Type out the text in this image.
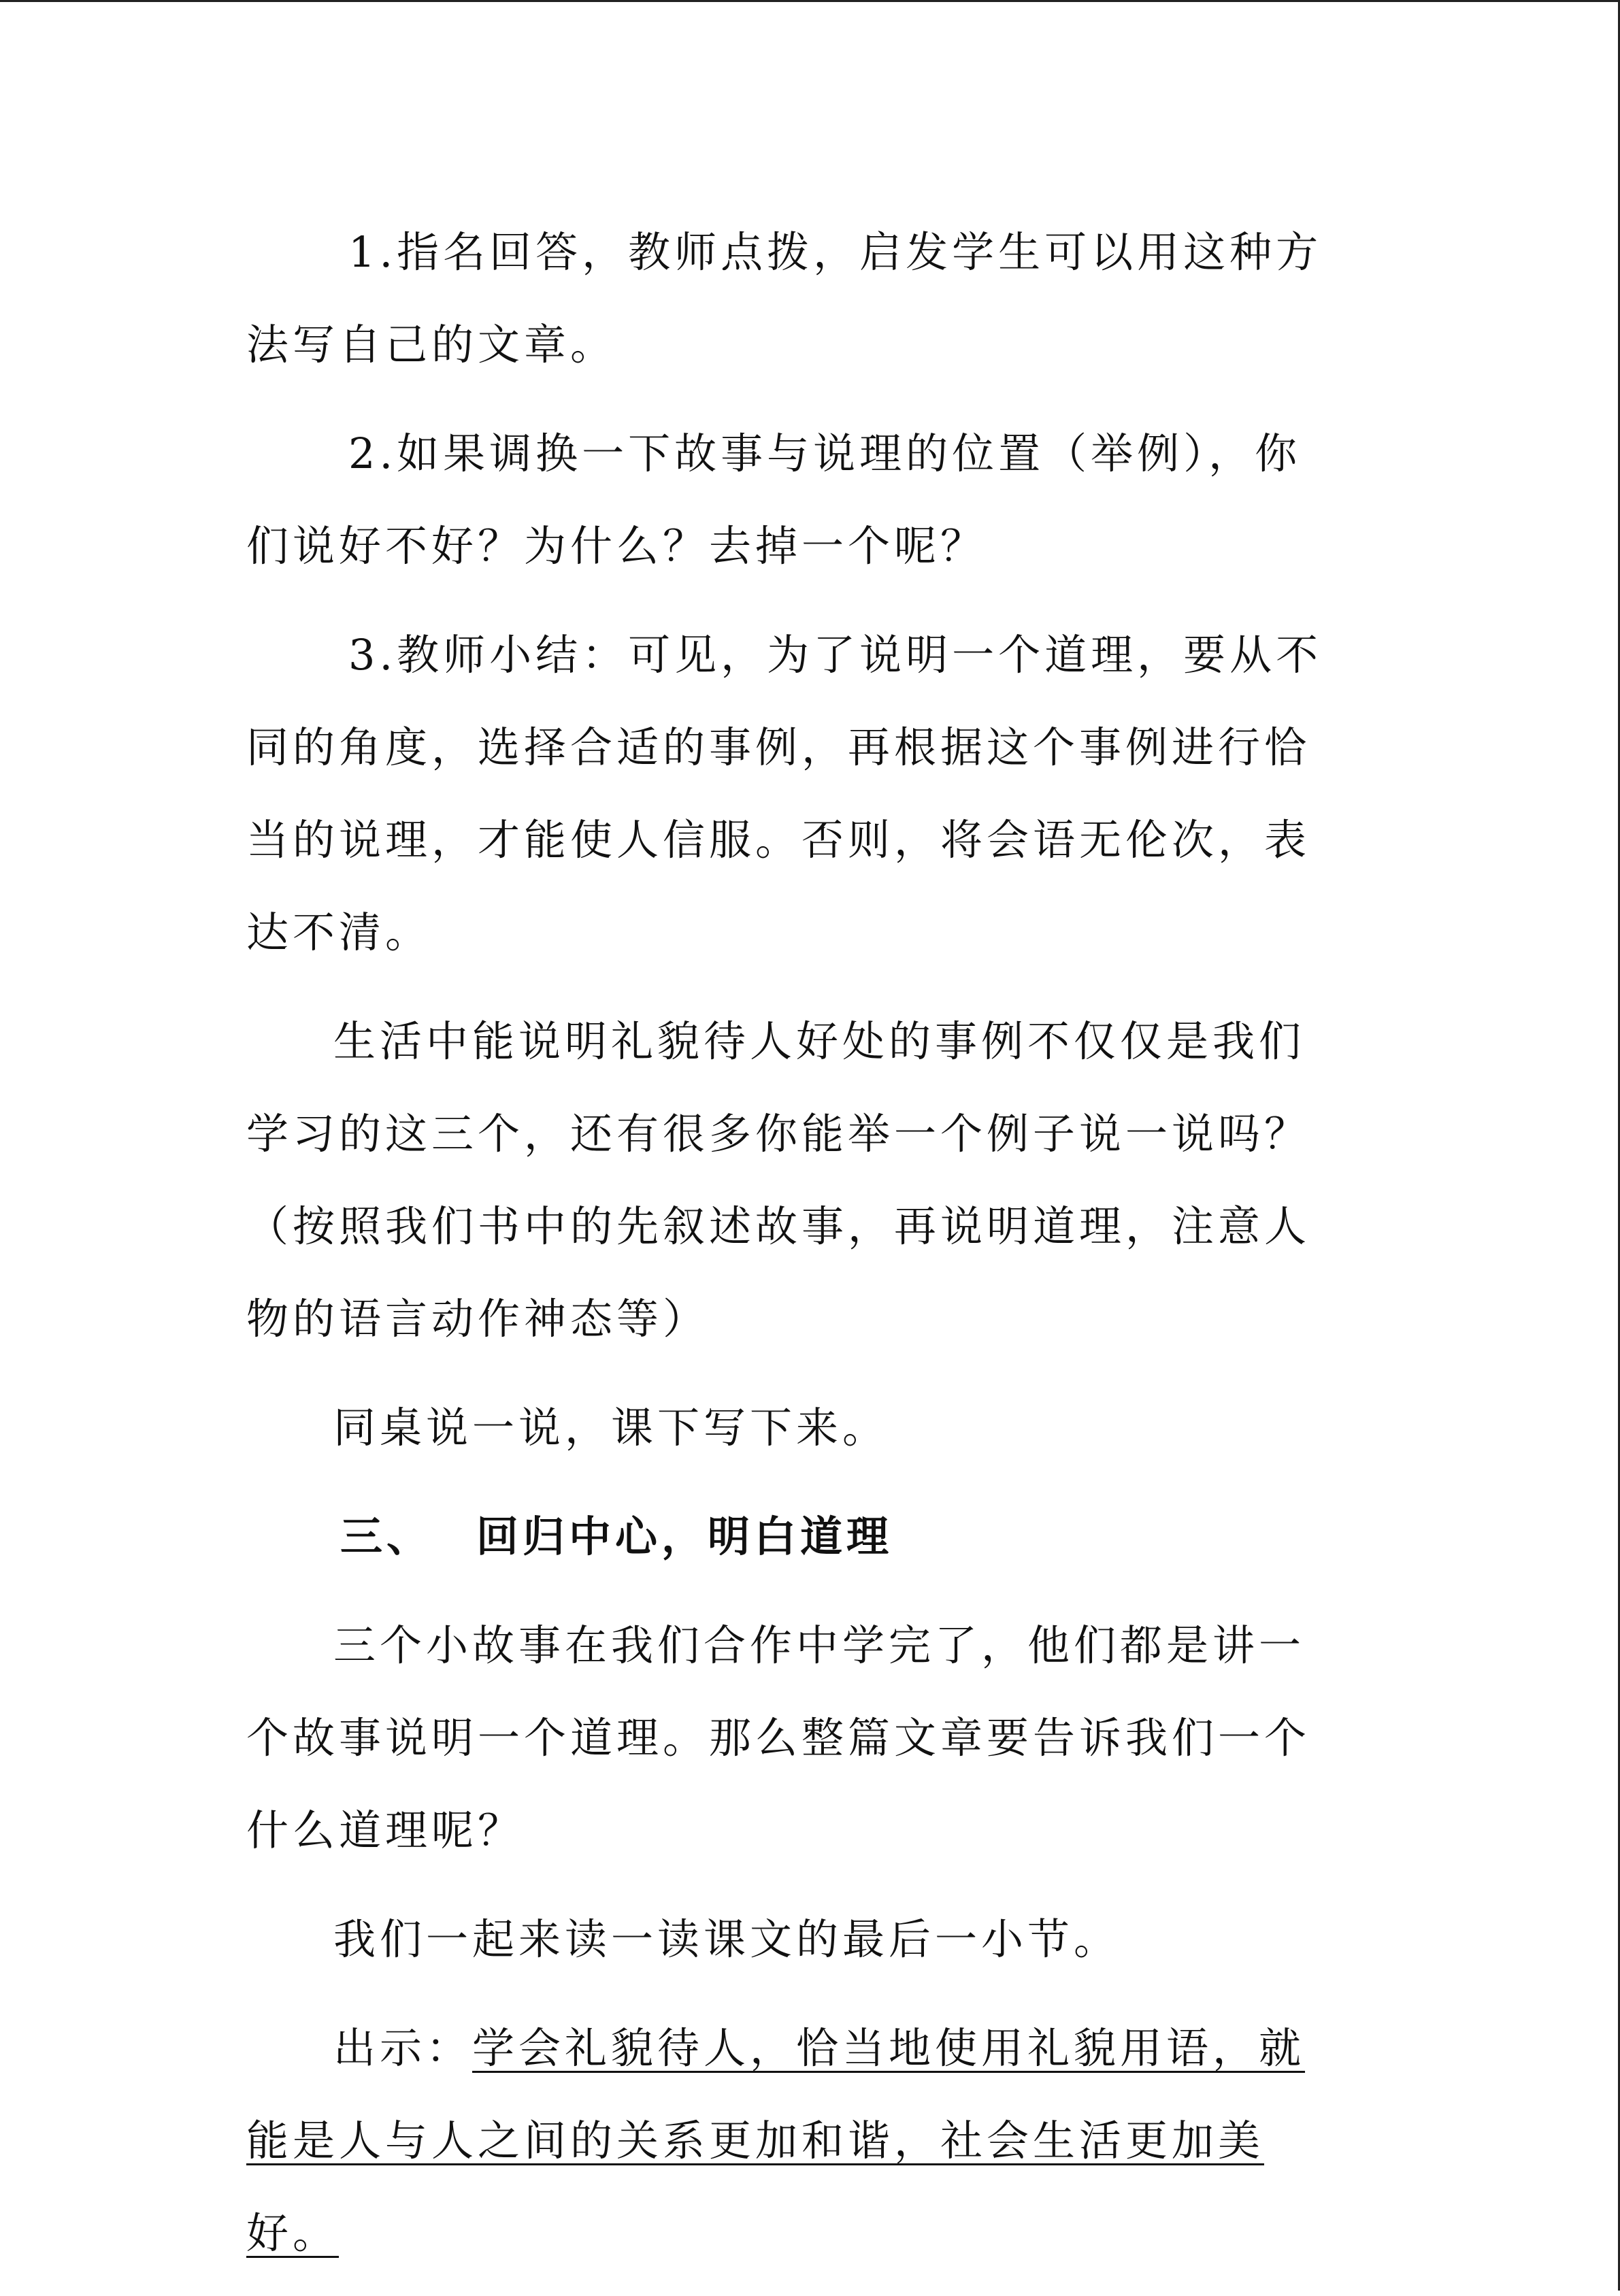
1.指名回答，教师点拨，启发学生可以用这种方法写自己的文章。

2.如果调换一下故事与说理的位置（举例），你们说好不好？为什么？去掉一个呢？

3.教师小结：可见，为了说明一个道理，要从不同的角度，选择合适的事例，再根据这个事例进行恰当的说理，才能使人信服。否则，将会语无伦次，表达不清。

生活中能说明礼貌待人好处的事例不仅仅是我们学习的这三个，还有很多你能举一个例子说一说吗？（按照我们书中的先叙述故事，再说明道理，注意人物的语言动作神态等）

同桌说一说，课下写下来。

三、 回归中心，明白道理

三个小故事在我们合作中学完了，他们都是讲一个故事说明一个道理。那么整篇文章要告诉我们一个什么道理呢？

我们一起来读一读课文的最后一小节。

出示：学会礼貌待人，恰当地使用礼貌用语，就能是人与人之间的关系更加和谐，社会生活更加美好。
